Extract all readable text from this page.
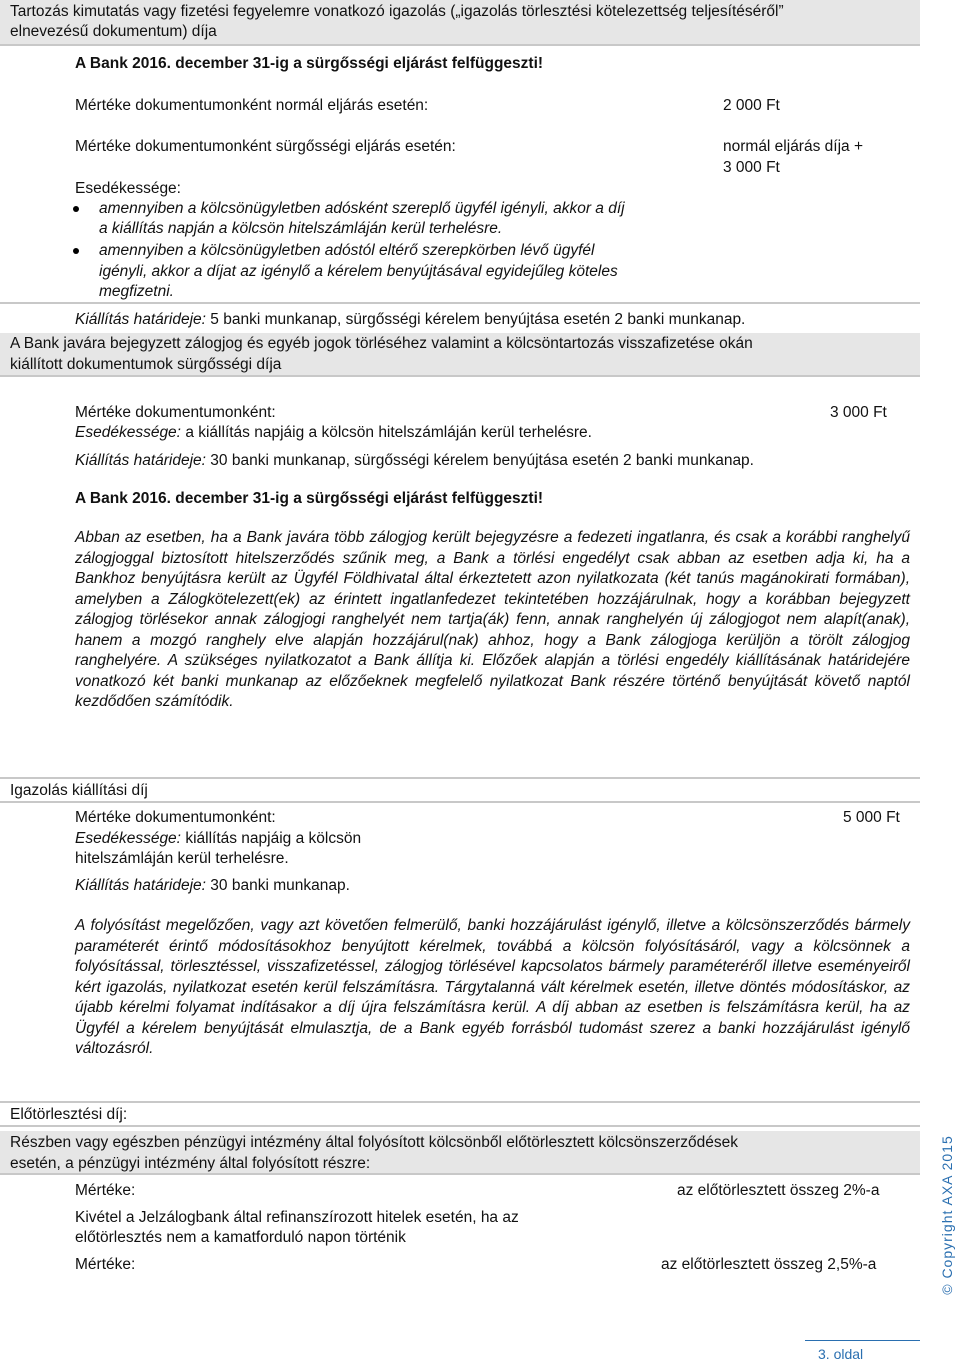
Tartozás kimutatás vagy fizetési fegyelemre vonatkozó igazolás („igazolás törlesztési kötelezettség teljesítéséről”
elnevezésű dokumentum) díja
A Bank 2016. december 31-ig a sürgősségi eljárást felfüggeszti!
Mértéke dokumentumonként normál eljárás esetén:	2 000 Ft
Mértéke dokumentumonként sürgősségi eljárás esetén:	normál eljárás díja +
3 000 Ft
Esedékessége:
amennyiben a kölcsönügyletben adósként szereplő ügyfél igényli, akkor a díj
a kiállítás napján a kölcsön hitelszámláján kerül terhelésre.
amennyiben a kölcsönügyletben adóstól eltérő szerepkörben lévő ügyfél
igényli, akkor a díjat az igénylő a kérelem benyújtásával egyidejűleg köteles
megfizetni.
Kiállítás határideje: 5 banki munkanap, sürgősségi kérelem benyújtása esetén 2 banki munkanap.
A Bank javára bejegyzett zálogjog és egyéb jogok törléséhez valamint a kölcsöntartozás visszafizetése okán
kiállított dokumentumok sürgősségi díja
Mértéke dokumentumonként:	3 000 Ft
Esedékessége: a kiállítás napjáig a kölcsön hitelszámláján kerül terhelésre.
Kiállítás határideje: 30 banki munkanap, sürgősségi kérelem benyújtása esetén 2 banki munkanap.
A Bank 2016. december 31-ig a sürgősségi eljárást felfüggeszti!
Abban az esetben, ha a Bank javára több zálogjog került bejegyzésre a fedezeti ingatlanra, és csak a korábbi ranghelyű zálogjoggal biztosított hitelszerződés szűnik meg, a Bank a törlési engedélyt csak abban az esetben adja ki, ha a Bankhoz benyújtásra került az Ügyfél Földhivatal által érkeztetett azon nyilatkozata (két tanús magánokirati formában), amelyben a Zálogkötelezett(ek) az érintett ingatlanfedezet tekintetében hozzájárulnak, hogy a korábban bejegyzett zálogjog törlésekor annak zálogjogi ranghelyét nem tartja(ák) fenn, annak ranghelyén új zálogjogot nem alapít(anak), hanem a mozgó ranghely elve alapján hozzájárul(nak) ahhoz, hogy a Bank zálogjoga kerüljön a törölt zálogjog ranghelyére. A szükséges nyilatkozatot a Bank állítja ki. Előzőek alapján a törlési engedély kiállításának határidejére vonatkozó két banki munkanap az előzőeknek megfelelő nyilatkozat Bank részére történő benyújtását követő naptól kezdődően számítódik.
Igazolás kiállítási díj
Mértéke dokumentumonként:	5 000 Ft
Esedékessége: kiállítás napjáig a kölcsön
hitelszámláján kerül terhelésre.
Kiállítás határideje: 30 banki munkanap.
A folyósítást megelőzően, vagy azt követően felmerülő, banki hozzájárulást igénylő, illetve a kölcsönszerződés bármely paraméterét érintő módosításokhoz benyújtott kérelmek, továbbá a kölcsön folyósításáról, vagy a kölcsönnek a folyósítással, törlesztéssel, visszafizetéssel, zálogjog törlésével kapcsolatos bármely paraméteréről illetve eseményeiről kért igazolás, nyilatkozat esetén kerül felszámításra. Tárgytalanná vált kérelmek esetén, illetve döntés módosításkor, az újabb kérelmi folyamat indításakor a díj újra felszámításra kerül. A díj abban az esetben is felszámításra kerül, ha az Ügyfél a kérelem benyújtását elmulasztja, de a Bank egyéb forrásból tudomást szerez a banki hozzájárulást igénylő változásról.
Előtörlesztési díj:
Részben vagy egészben pénzügyi intézmény által folyósított kölcsönből előtörlesztett kölcsönszerződések
esetén, a pénzügyi intézmény által folyósított részre:
Mértéke:	az előtörlesztett összeg 2%-a
Kivétel a Jelzálogbank által refinanszírozott hitelek esetén, ha az
előtörlesztés nem a kamatforduló napon történik
Mértéke:	az előtörlesztett összeg 2,5%-a	© Copyright AXA 2015
3. oldal
